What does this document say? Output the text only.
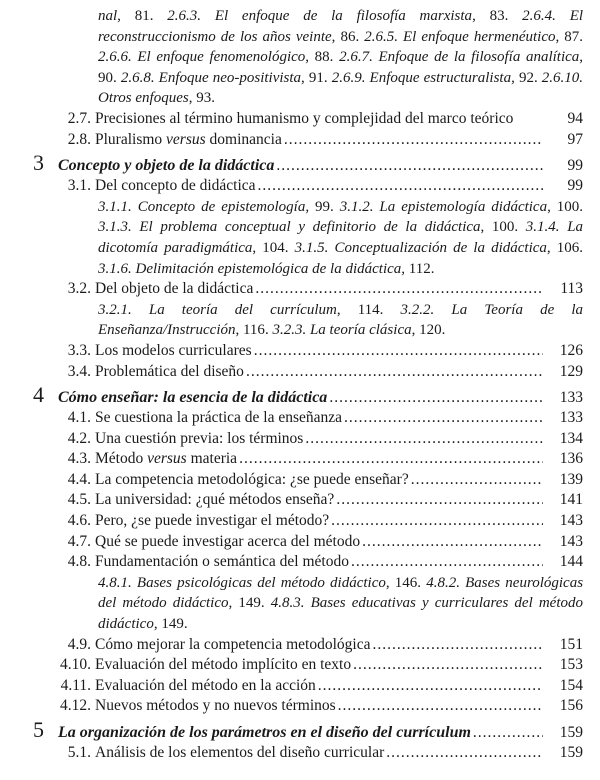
nal, 81. 2.6.3. El enfoque de la filosofía marxista, 83. 2.6.4. El reconstruccionismo de los años veinte, 86. 2.6.5. El enfoque hermenéutico, 87. 2.6.6. El enfoque fenomenológico, 88. 2.6.7. Enfoque de la filosofía analítica, 90. 2.6.8. Enfoque neo-positivista, 91. 2.6.9. Enfoque estructuralista, 92. 2.6.10. Otros enfoques, 93.
2.7. Precisiones al término humanismo y complejidad del marco teórico	94
2.8. Pluralismo versus dominancia .....	97
3 Concepto y objeto de la didáctica .....	99
3.1. Del concepto de didáctica .....	99
3.1.1. Concepto de epistemología, 99. 3.1.2. La epistemología didáctica, 100. 3.1.3. El problema conceptual y definitorio de la didáctica, 100. 3.1.4. La dicotomía paradigmática, 104. 3.1.5. Conceptualización de la didáctica, 106. 3.1.6. Delimitación epistemológica de la didáctica, 112.
3.2. Del objeto de la didáctica .....	113
3.2.1. La teoría del currículum, 114. 3.2.2. La Teoría de la Enseñanza/Instrucción, 116. 3.2.3. La teoría clásica, 120.
3.3. Los modelos curriculares .....	126
3.4. Problemática del diseño .....	129
4 Cómo enseñar: la esencia de la didáctica .....	133
4.1. Se cuestiona la práctica de la enseñanza .....	133
4.2. Una cuestión previa: los términos .....	134
4.3. Método versus materia .....	136
4.4. La competencia metodológica: ¿se puede enseñar? .....	139
4.5. La universidad: ¿qué métodos enseña? .....	141
4.6. Pero, ¿se puede investigar el método? .....	143
4.7. Qué se puede investigar acerca del método .....	143
4.8. Fundamentación o semántica del método .....	144
4.8.1. Bases psicológicas del método didáctico, 146. 4.8.2. Bases neurológicas del método didáctico, 149. 4.8.3. Bases educativas y curriculares del método didáctico, 149.
4.9. Cómo mejorar la competencia metodológica .....	151
4.10. Evaluación del método implícito en texto .....	153
4.11. Evaluación del método en la acción .....	154
4.12. Nuevos métodos y no nuevos términos .....	156
5 La organización de los parámetros en el diseño del currículum .....	159
5.1. Análisis de los elementos del diseño curricular .....	159
